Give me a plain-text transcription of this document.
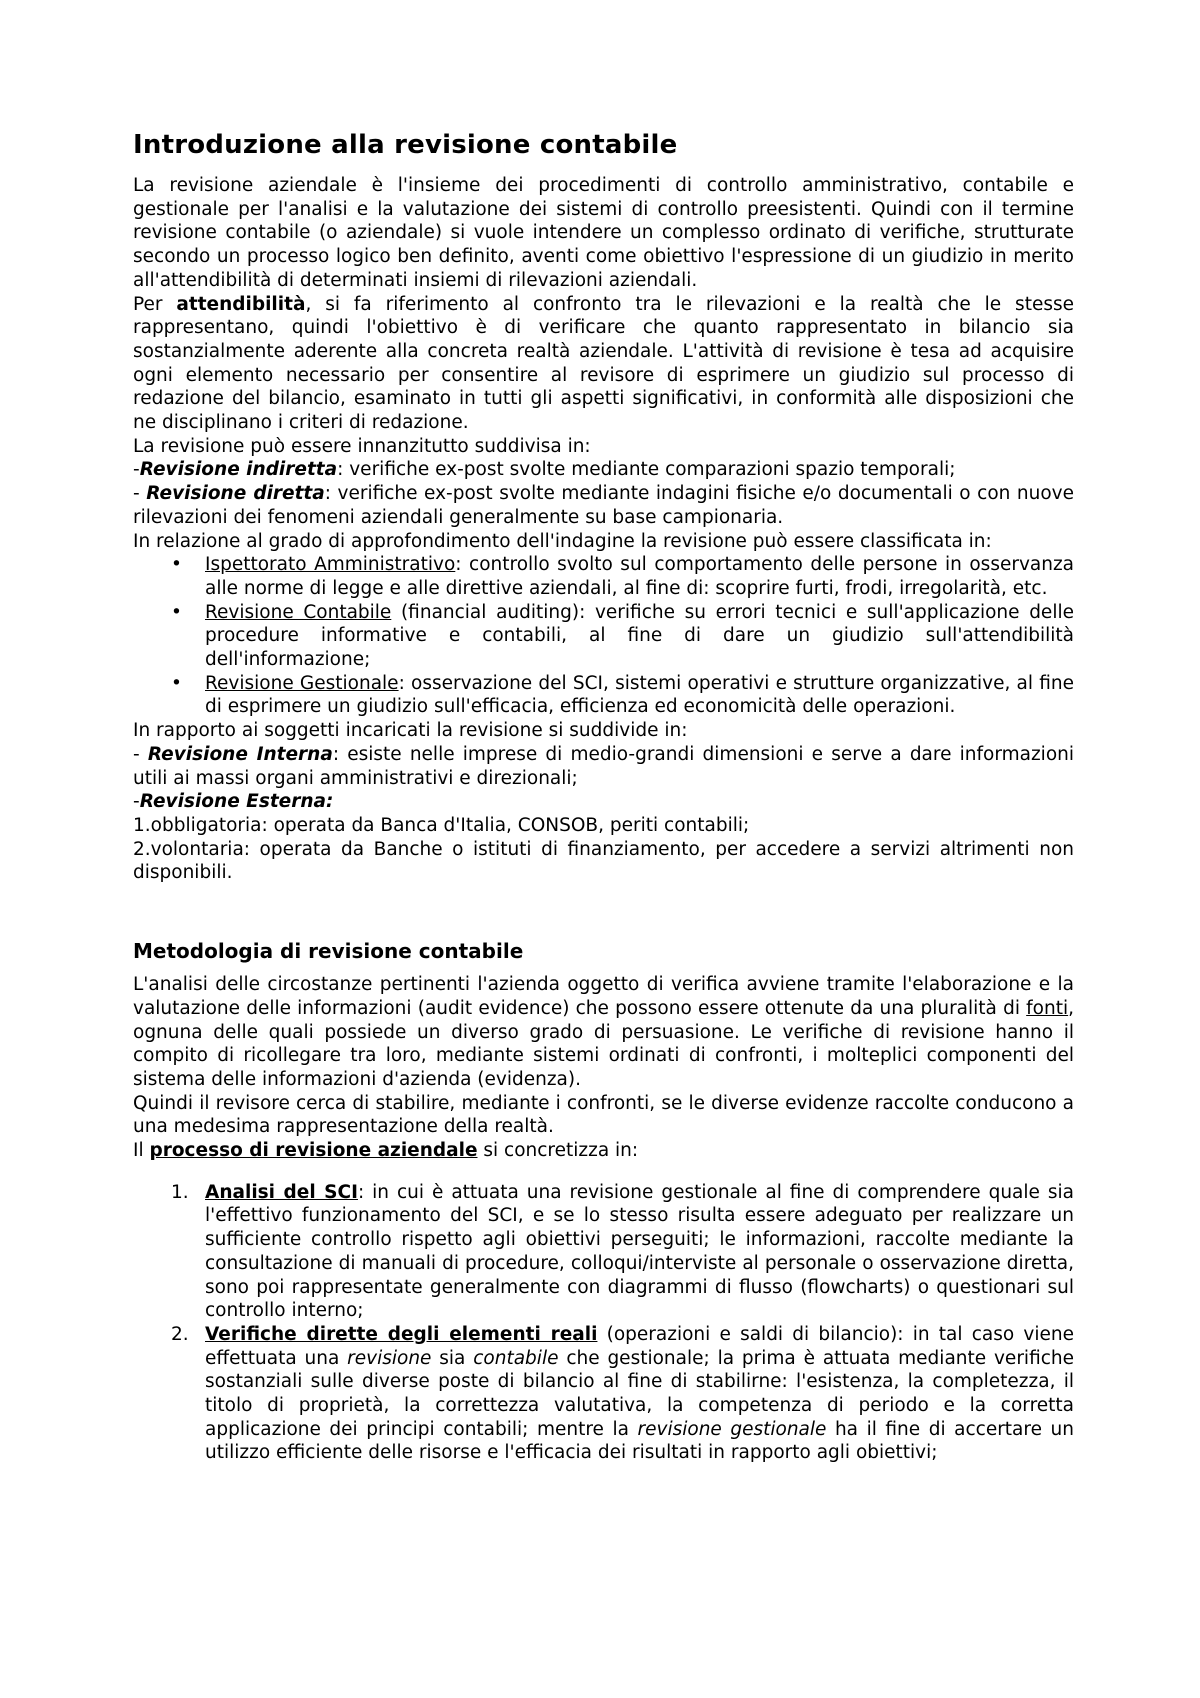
Introduzione alla revisione contabile

La revisione aziendale è l'insieme dei procedimenti di controllo amministrativo, contabile e gestionale per l'analisi e la valutazione dei sistemi di controllo preesistenti. Quindi con il termine revisione contabile (o aziendale) si vuole intendere un complesso ordinato di verifiche, strutturate secondo un processo logico ben definito, aventi come obiettivo l'espressione di un giudizio in merito all'attendibilità di determinati insiemi di rilevazioni aziendali.

Per attendibilità, si fa riferimento al confronto tra le rilevazioni e la realtà che le stesse rappresentano, quindi l'obiettivo è di verificare che quanto rappresentato in bilancio sia sostanzialmente aderente alla concreta realtà aziendale. L'attività di revisione è tesa ad acquisire ogni elemento necessario per consentire al revisore di esprimere un giudizio sul processo di redazione del bilancio, esaminato in tutti gli aspetti significativi, in conformità alle disposizioni che ne disciplinano i criteri di redazione.

La revisione può essere innanzitutto suddivisa in:

-Revisione indiretta: verifiche ex-post svolte mediante comparazioni spazio temporali;

- Revisione diretta: verifiche ex-post svolte mediante indagini fisiche e/o documentali o con nuove rilevazioni dei fenomeni aziendali generalmente su base campionaria.

In relazione al grado di approfondimento dell'indagine la revisione può essere classificata in:

• Ispettorato Amministrativo: controllo svolto sul comportamento delle persone in osservanza alle norme di legge e alle direttive aziendali, al fine di: scoprire furti, frodi, irregolarità, etc.
• Revisione Contabile (financial auditing): verifiche su errori tecnici e sull'applicazione delle procedure informative e contabili, al fine di dare un giudizio sull'attendibilità dell'informazione;
• Revisione Gestionale: osservazione del SCI, sistemi operativi e strutture organizzative, al fine di esprimere un giudizio sull'efficacia, efficienza ed economicità delle operazioni.

In rapporto ai soggetti incaricati la revisione si suddivide in:

- Revisione Interna: esiste nelle imprese di medio-grandi dimensioni e serve a dare informazioni utili ai massi organi amministrativi e direzionali;

-Revisione Esterna:

1.obbligatoria: operata da Banca d'Italia, CONSOB, periti contabili;

2.volontaria: operata da Banche o istituti di finanziamento, per accedere a servizi altrimenti non disponibili.

Metodologia di revisione contabile

L'analisi delle circostanze pertinenti l'azienda oggetto di verifica avviene tramite l'elaborazione e la valutazione delle informazioni (audit evidence) che possono essere ottenute da una pluralità di fonti, ognuna delle quali possiede un diverso grado di persuasione. Le verifiche di revisione hanno il compito di ricollegare tra loro, mediante sistemi ordinati di confronti, i molteplici componenti del sistema delle informazioni d'azienda (evidenza).

Quindi il revisore cerca di stabilire, mediante i confronti, se le diverse evidenze raccolte conducono a una medesima rappresentazione della realtà.

Il processo di revisione aziendale si concretizza in:

1. Analisi del SCI: in cui è attuata una revisione gestionale al fine di comprendere quale sia l'effettivo funzionamento del SCI, e se lo stesso risulta essere adeguato per realizzare un sufficiente controllo rispetto agli obiettivi perseguiti; le informazioni, raccolte mediante la consultazione di manuali di procedure, colloqui/interviste al personale o osservazione diretta, sono poi rappresentate generalmente con diagrammi di flusso (flowcharts) o questionari sul controllo interno;
2. Verifiche dirette degli elementi reali (operazioni e saldi di bilancio): in tal caso viene effettuata una revisione sia contabile che gestionale; la prima è attuata mediante verifiche sostanziali sulle diverse poste di bilancio al fine di stabilirne: l'esistenza, la completezza, il titolo di proprietà, la correttezza valutativa, la competenza di periodo e la corretta applicazione dei principi contabili; mentre la revisione gestionale ha il fine di accertare un utilizzo efficiente delle risorse e l'efficacia dei risultati in rapporto agli obiettivi;
